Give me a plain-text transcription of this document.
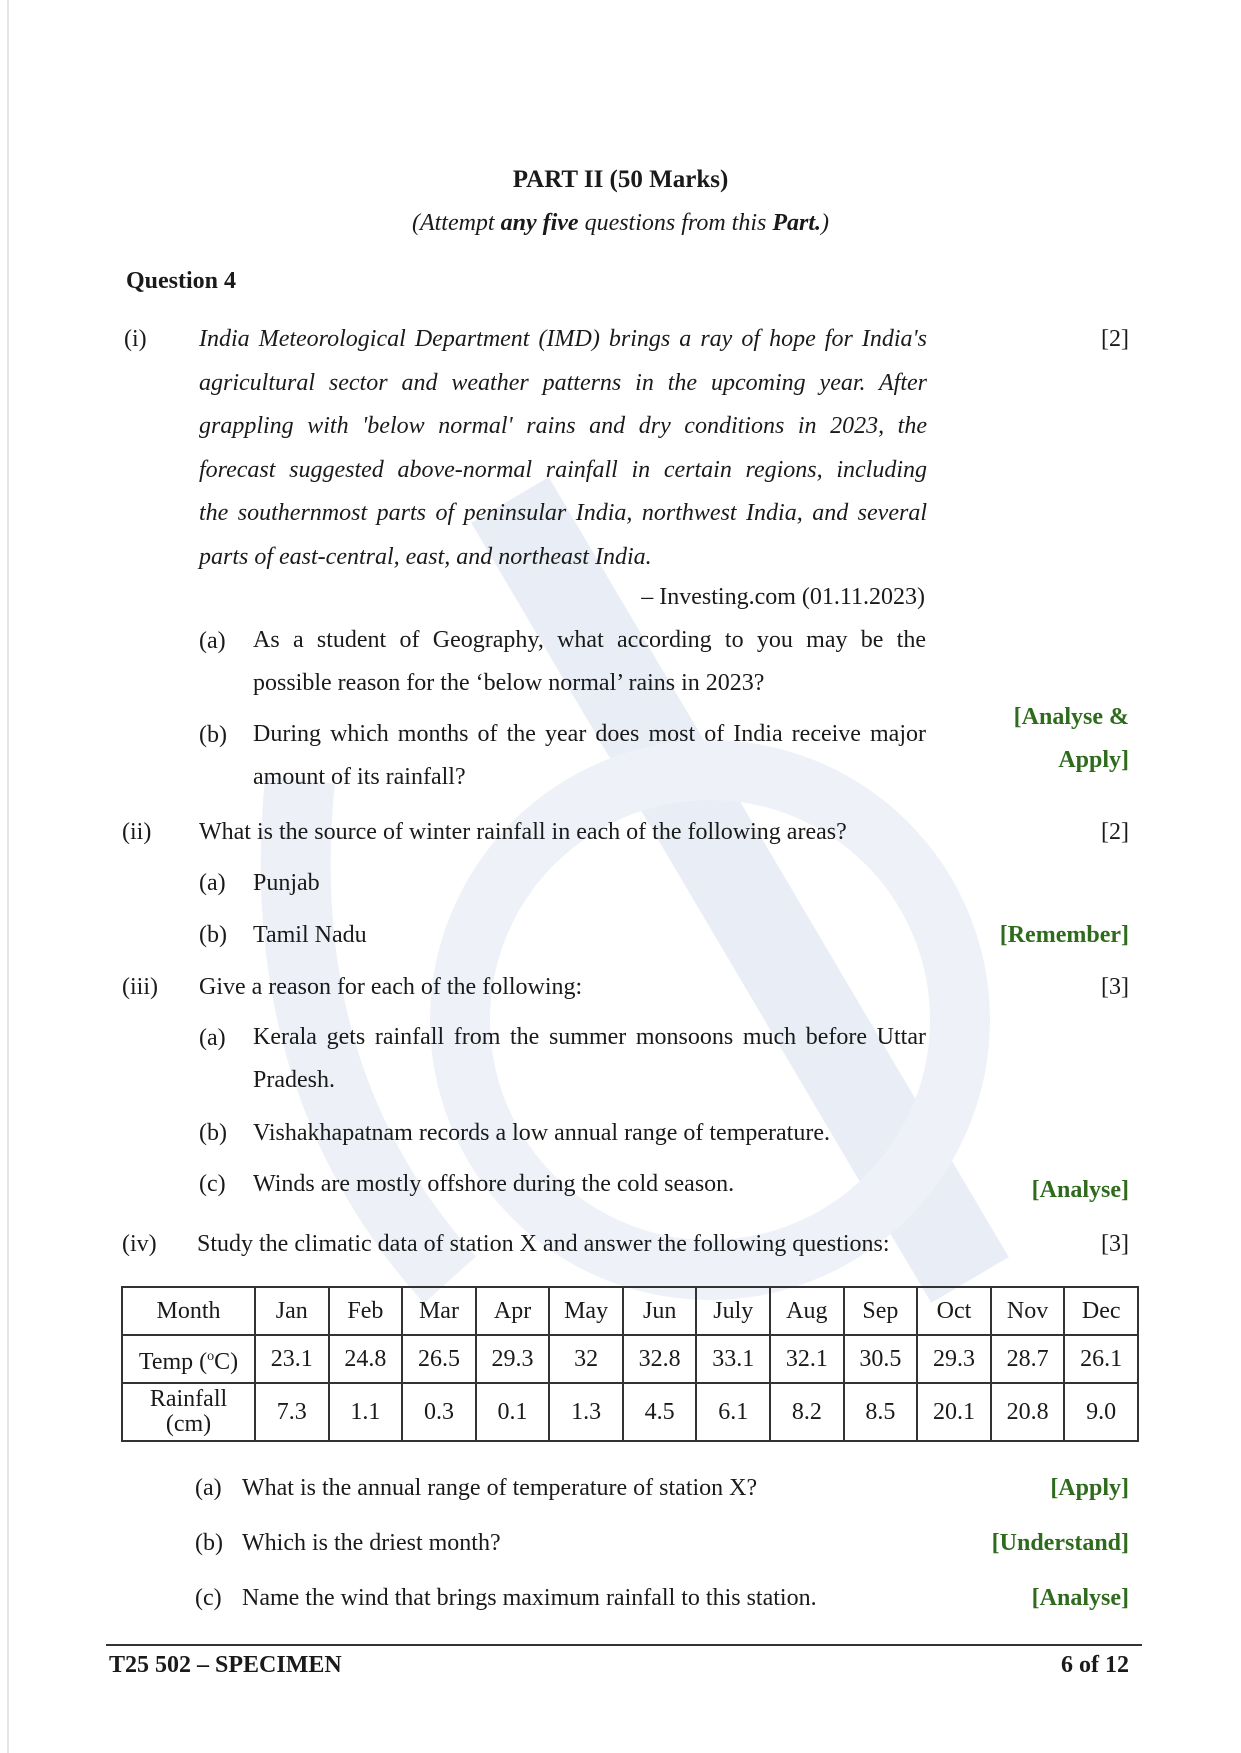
PART II (50 Marks)
(Attempt any five questions from this Part.)
Question 4
(i)	[2]
India Meteorological Department (IMD) brings a ray of hope for India's
agricultural sector and weather patterns in the upcoming year. After
grappling with 'below normal' rains and dry conditions in 2023, the
forecast suggested above-normal rainfall in certain regions, including
the southernmost parts of peninsular India, northwest India, and several
parts of east-central, east, and northeast India.
– Investing.com (01.11.2023)
(a) As a student of Geography, what according to you may be the
possible reason for the ‘below normal’ rains in 2023?
(b) During which months of the year does most of India receive major
amount of its rainfall?
[Analyse &
Apply]
(ii) What is the source of winter rainfall in each of the following areas?	[2]
(a) Punjab
(b) Tamil Nadu	[Remember]
(iii) Give a reason for each of the following:	[3]
(a) Kerala gets rainfall from the summer monsoons much before Uttar
Pradesh.
(b) Vishakhapatnam records a low annual range of temperature.
(c) Winds are mostly offshore during the cold season.	[Analyse]
(iv) Study the climatic data of station X and answer the following questions:	[3]
Month	Jan	Feb	Mar	Apr	May	Jun	July	Aug	Sep	Oct	Nov	Dec
Temp ($^o$C)	23.1	24.8	26.5	29.3	32	32.8	33.1	32.1	30.5	29.3	28.7	26.1

Rainfall
(cm)	7.3	1.1	0.3	0.1	1.3	4.5	6.1	8.2	8.5	20.1	20.8	9.0
(a) What is the annual range of temperature of station X?	[Apply]
(b) Which is the driest month?	[Understand]
(c) Name the wind that brings maximum rainfall to this station.	[Analyse]
T25 502 – SPECIMEN	6 of 12
